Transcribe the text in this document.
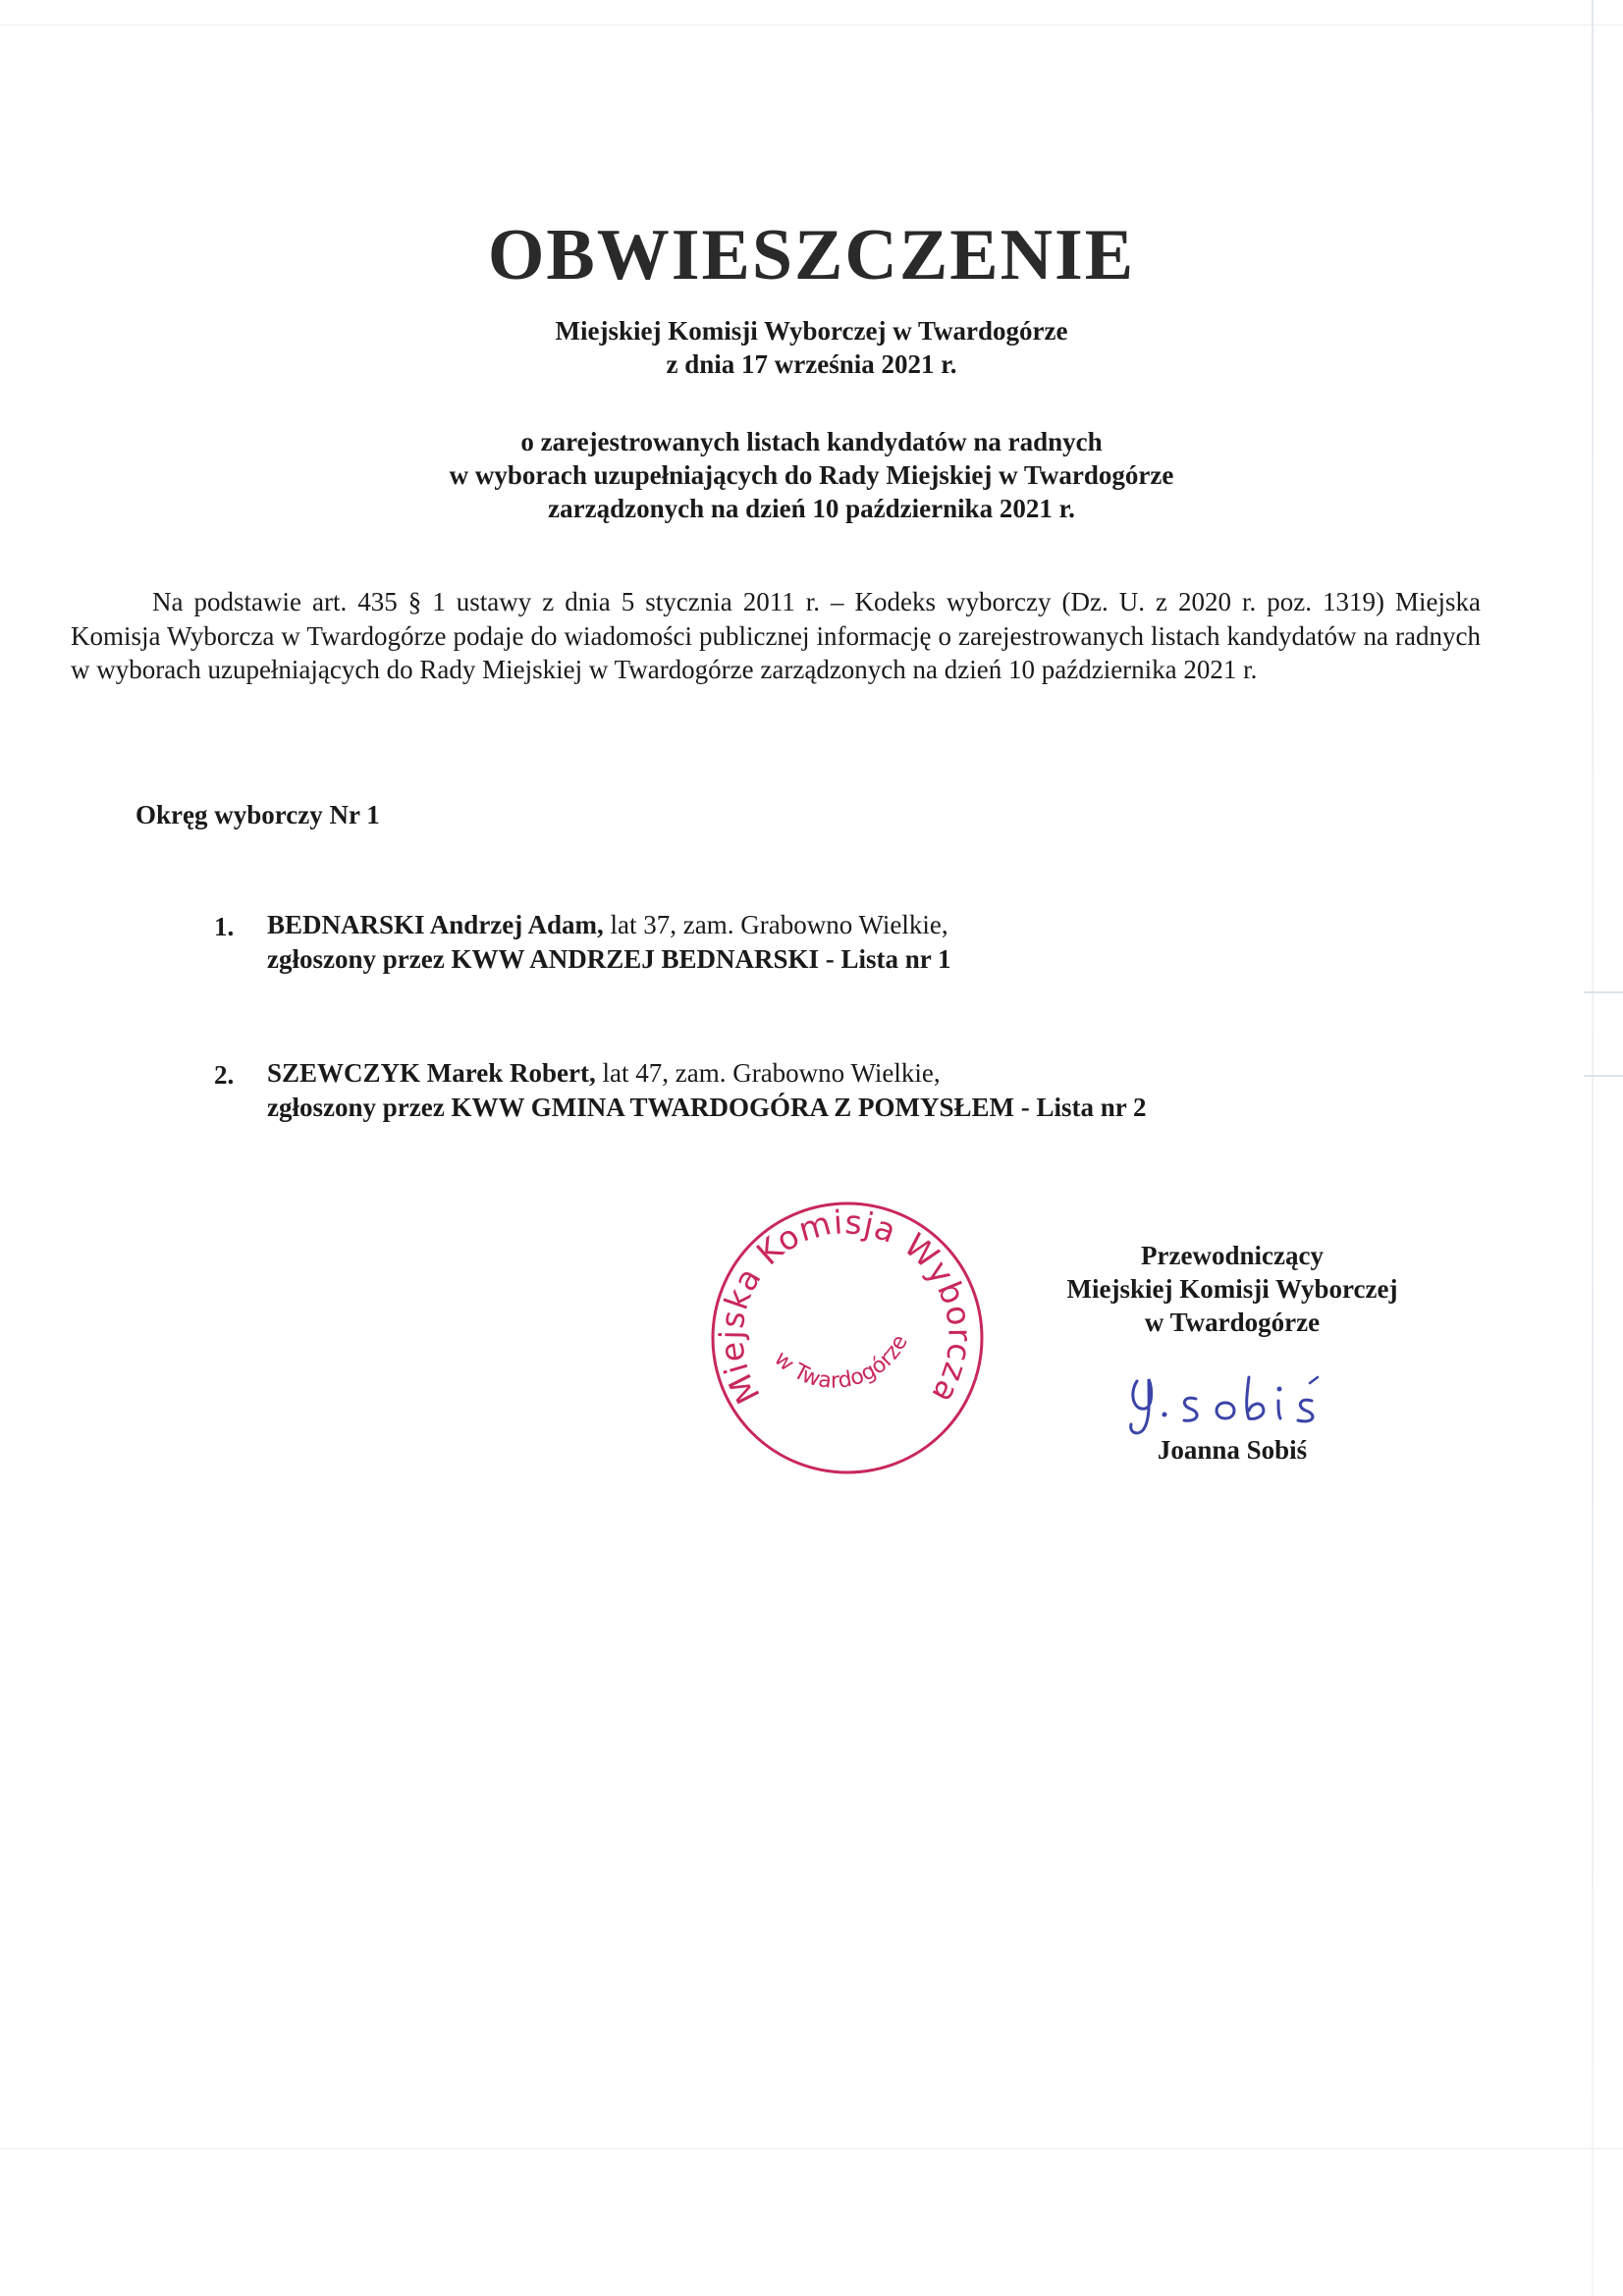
OBWIESZCZENIE
Miejskiej Komisji Wyborczej w Twardogórze
z dnia 17 września 2021 r.
o zarejestrowanych listach kandydatów na radnych
w wyborach uzupełniających do Rady Miejskiej w Twardogórze
zarządzonych na dzień 10 października 2021 r.

Na podstawie art. 435 § 1 ustawy z dnia 5 stycznia 2011 r. – Kodeks wyborczy (Dz. U. z 2020 r. poz. 1319) Miejska Komisja Wyborcza w Twardogórze podaje do wiadomości publicznej informację o zarejestrowanych listach kandydatów na radnych w wyborach uzupełniających do Rady Miejskiej w Twardogórze zarządzonych na dzień 10 października 2021 r.

Okręg wyborczy Nr 1

1. BEDNARSKI Andrzej Adam, lat 37, zam. Grabowno Wielkie,
zgłoszony przez KWW ANDRZEJ BEDNARSKI - Lista nr 1
2. SZEWCZYK Marek Robert, lat 47, zam. Grabowno Wielkie,
zgłoszony przez KWW GMINA TWARDOGÓRA Z POMYSŁEM - Lista nr 2
Miejska Komisja Wyborcza
w Twardogórze
Przewodniczący
Miejskiej Komisji Wyborczej
w Twardogórze
Joanna Sobiś
